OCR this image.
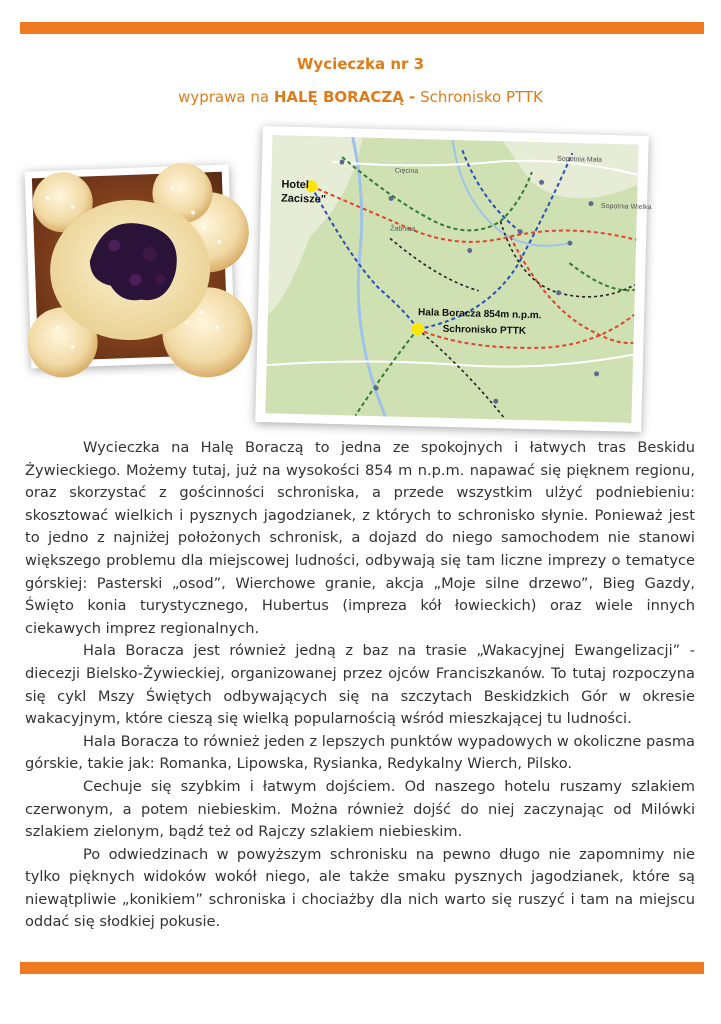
Wycieczka nr 3
wyprawa na HALĘ BORACZĄ - Schronisko PTTK
Hotel
Zacisze"
Hala Boracza 854m n.p.m.
Schronisko PTTK
Cięcina
Żabnica
Sopotnia Mała
Sopotnia Wielka

Wycieczka na Halę Boraczą to jedna ze spokojnych i łatwych tras Beskidu Żywieckiego. Możemy tutaj, już na wysokości 854 m n.p.m. napawać się pięknem regionu, oraz skorzystać z gościnności schroniska, a przede wszystkim ulżyć podniebieniu: skosztować wielkich i pysznych jagodzianek, z których to schronisko słynie. Ponieważ jest to jedno z najniżej położonych schronisk, a dojazd do niego samochodem nie stanowi większego problemu dla miejscowej ludności, odbywają się tam liczne imprezy o tematyce górskiej: Pasterski „osod”, Wierchowe granie, akcja „Moje silne drzewo”, Bieg Gazdy, Święto konia turystycznego, Hubertus (impreza kół łowieckich) oraz wiele innych ciekawych imprez regionalnych.

Hala Boracza jest również jedną z baz na trasie „Wakacyjnej Ewangelizacji” - diecezji Bielsko-Żywieckiej, organizowanej przez ojców Franciszkanów. To tutaj rozpoczyna się cykl Mszy Świętych odbywających się na szczytach Beskidzkich Gór w okresie wakacyjnym, które cieszą się wielką popularnością wśród mieszkającej tu ludności.

Hala Boracza to również jeden z lepszych punktów wypadowych w okoliczne pasma górskie, takie jak: Romanka, Lipowska, Rysianka, Redykalny Wierch, Pilsko.

Cechuje się szybkim i łatwym dojściem. Od naszego hotelu ruszamy szlakiem czerwonym, a potem niebieskim. Można również dojść do niej zaczynając od Milówki szlakiem zielonym, bądź też od Rajczy szlakiem niebieskim.

Po odwiedzinach w powyższym schronisku na pewno długo nie zapomnimy nie tylko pięknych widoków wokół niego, ale także smaku pysznych jagodzianek, które są niewątpliwie „konikiem” schroniska i chociażby dla nich warto się ruszyć i tam na miejscu oddać się słodkiej pokusie.
